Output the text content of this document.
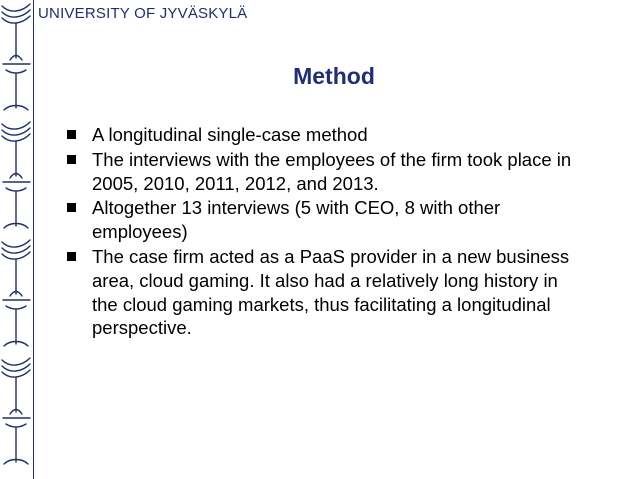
UNIVERSITY OF JYVÄSKYLÄ
Method
A longitudinal single-case method
The interviews with the employees of the firm took place in 2005, 2010, 2011, 2012, and 2013.
Altogether 13 interviews (5 with CEO, 8 with other employees)
The case firm acted as a PaaS provider in a new business area, cloud gaming. It also had a relatively long history in the cloud gaming markets, thus facilitating a longitudinal perspective.
